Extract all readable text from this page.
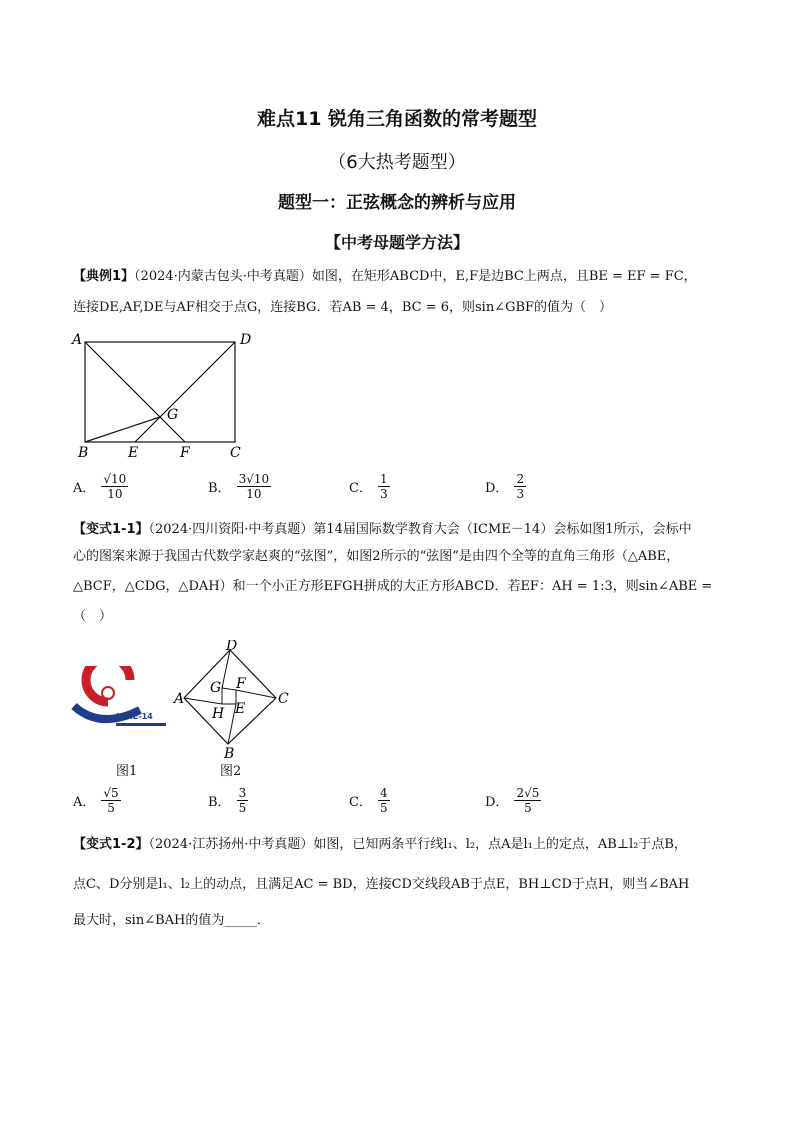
难点11 锐角三角函数的常考题型
（6大热考题型）
题型一：正弦概念的辨析与应用
【中考母题学方法】
【典例1】（2024·内蒙古包头·中考真题）如图，在矩形ABCD中，E,F是边BC上两点，且BE = EF = FC，
连接DE,AF,DE与AF相交于点G，连接BG．若AB = 4，BC = 6，则sin∠GBF的值为（　）
A	D
B	E	F	C
G
A． $\frac{√10}{10}$	B． $\frac{3√10}{10}$	C． $\frac{1}{3}$	D． $\frac{2}{3}$
【变式1-1】（2024·四川资阳·中考真题）第14届国际数学教育大会（ICME－14）会标如图1所示，会标中
心的图案来源于我国古代数学家赵爽的“弦图”，如图2所示的“弦图”是由四个全等的直角三角形（△ABE，
△BCF，△CDG，△DAH）和一个小正方形EFGH拼成的大正方形ABCD．若EF：AH = 1:3，则sin∠ABE =
（　）
ICME-14
图1
D
A	C
B
G F
H E
图2
A． $\frac{√5}{5}$	B． $\frac{3}{5}$	C． $\frac{4}{5}$	D． $\frac{2√5}{5}$
【变式1-2】（2024·江苏扬州·中考真题）如图，已知两条平行线l₁、l₂，点A是l₁上的定点，AB⊥l₂于点B，
点C、D分别是l₁、l₂上的动点，且满足AC = BD，连接CD交线段AB于点E，BH⊥CD于点H，则当∠BAH
最大时，sin∠BAH的值为_____．
